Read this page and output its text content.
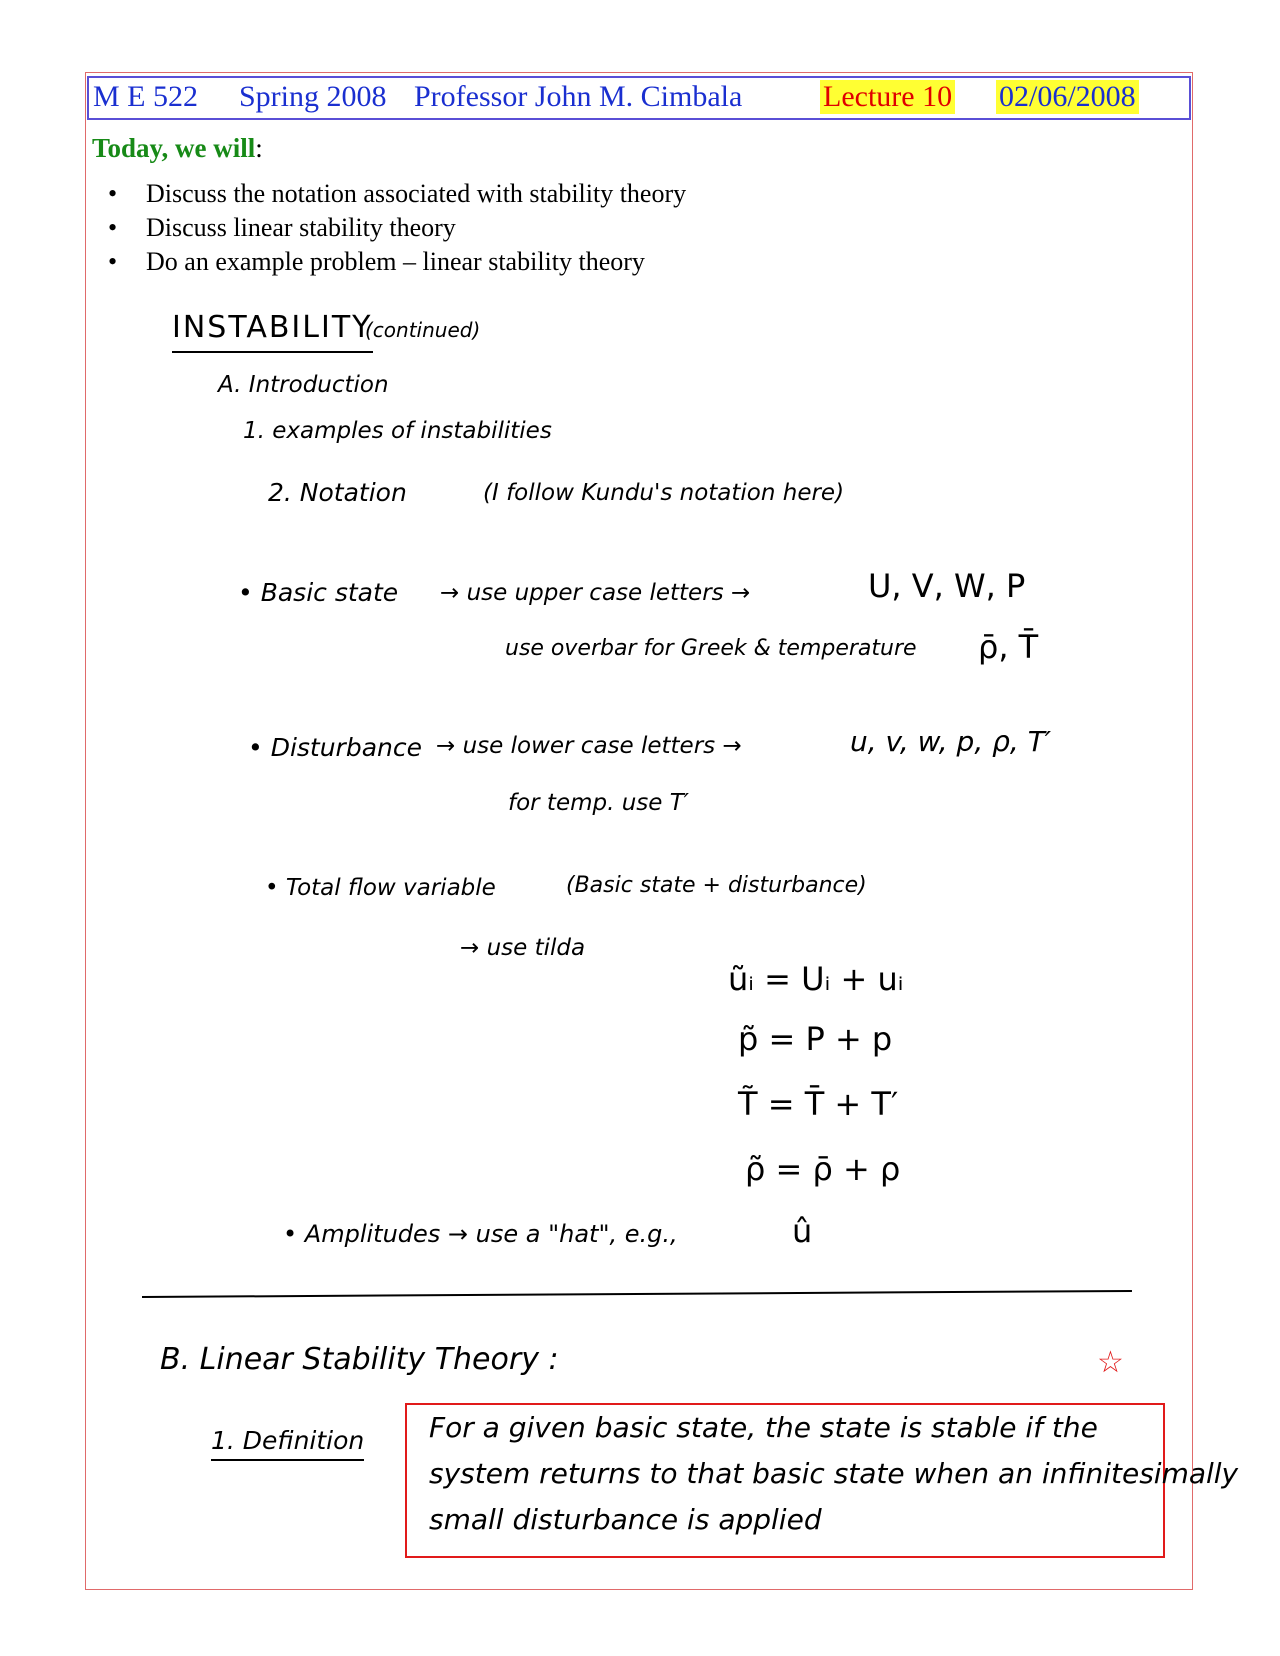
M E 522 Spring 2008 Professor John M. Cimbala	Lecture 10 02/06/2008
Today, we will:
• Discuss the notation associated with stability theory
• Discuss linear stability theory
• Do an example problem – linear stability theory
INSTABILITY
(continued)
A. Introduction
1. examples of instabilities
2. Notation	(I follow Kundu's notation here)
• Basic state → use upper case letters →	U, V, W, P
use overbar for Greek & temperature ρ̄, T̄
• Disturbance → use lower case letters →	u, v, w, p, ρ, T′
for temp. use T′
• Total flow variable	(Basic state + disturbance)
→ use tilda
ũᵢ = Uᵢ + uᵢ
p̃ = P + p
T̃ = T̄ + T′
ρ̃ = ρ̄ + ρ
• Amplitudes → use a "hat", e.g.,	û
B. Linear Stability Theory :	☆
1. Definition	For a given basic state, the state is stable if the
system returns to that basic state when an infinitesimally
small disturbance is applied
